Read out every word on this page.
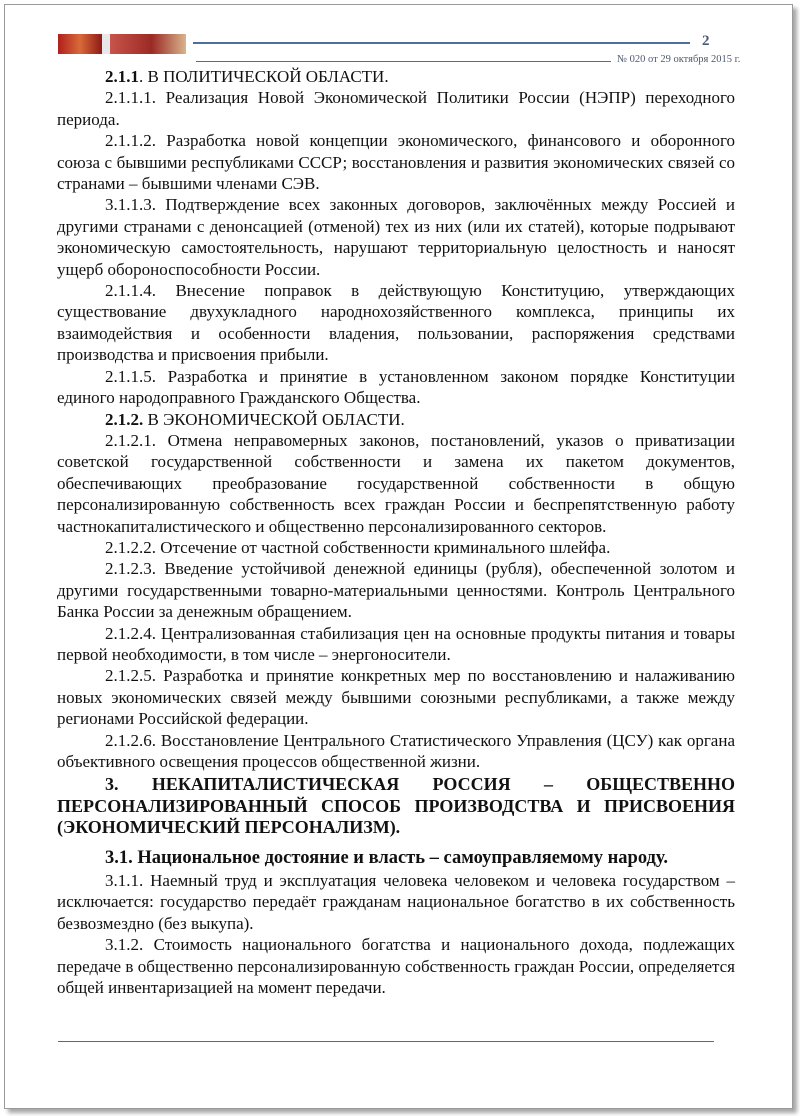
2
№ 020 от 29 октября 2015 г.

2.1.1. В ПОЛИТИЧЕСКОЙ ОБЛАСТИ.

2.1.1.1. Реализация Новой Экономической Политики России (НЭПР) переходного периода.

2.1.1.2. Разработка новой концепции экономического, финансового и оборонного союза с бывшими республиками СССР; восстановления и развития экономических связей со странами – бывшими членами СЭВ.

3.1.1.3. Подтверждение всех законных договоров, заключённых между Россией и другими странами с денонсацией (отменой) тех из них (или их статей), которые подрывают экономическую самостоятельность, нарушают территориальную целостность и наносят ущерб обороноспособности России.

2.1.1.4. Внесение поправок в действующую Конституцию, утверждающих существование двухукладного народнохозяйственного комплекса, принципы их взаимодействия и особенности владения, пользовании, распоряжения средствами производства и присвоения прибыли.

2.1.1.5. Разработка и принятие в установленном законом порядке Конституции единого народоправного Гражданского Общества.

2.1.2. В ЭКОНОМИЧЕСКОЙ ОБЛАСТИ.

2.1.2.1. Отмена неправомерных законов, постановлений, указов о приватизации советской государственной собственности и замена их пакетом документов, обеспечивающих преобразование государственной собственности в общую персонализированную собственность всех граждан России и беспрепятственную работу частнокапиталистического и общественно персонализированного секторов.

2.1.2.2. Отсечение от частной собственности криминального шлейфа.

2.1.2.3. Введение устойчивой денежной единицы (рубля), обеспеченной золотом и другими государственными товарно-материальными ценностями. Контроль Центрального Банка России за денежным обращением.

2.1.2.4. Централизованная стабилизация цен на основные продукты питания и товары первой необходимости, в том числе – энергоносители.

2.1.2.5. Разработка и принятие конкретных мер по восстановлению и налаживанию новых экономических связей между бывшими союзными республиками, а также между регионами Российской федерации.

2.1.2.6. Восстановление Центрального Статистического Управления (ЦСУ) как органа объективного освещения процессов общественной жизни.

3. НЕКАПИТАЛИСТИЧЕСКАЯ РОССИЯ – ОБЩЕСТВЕННО ПЕРСОНАЛИЗИРОВАННЫЙ СПОСОБ ПРОИЗВОДСТВА И ПРИСВОЕНИЯ (ЭКОНОМИЧЕСКИЙ ПЕРСОНАЛИЗМ).

3.1. Национальное достояние и власть – самоуправляемому народу.

3.1.1. Наемный труд и эксплуатация человека человеком и человека государством – исключается: государство передаёт гражданам национальное богатство в их собственность безвозмездно (без выкупа).

3.1.2. Стоимость национального богатства и национального дохода, подлежащих передаче в общественно персонализированную собственность граждан России, определяется общей инвентаризацией на момент передачи.
